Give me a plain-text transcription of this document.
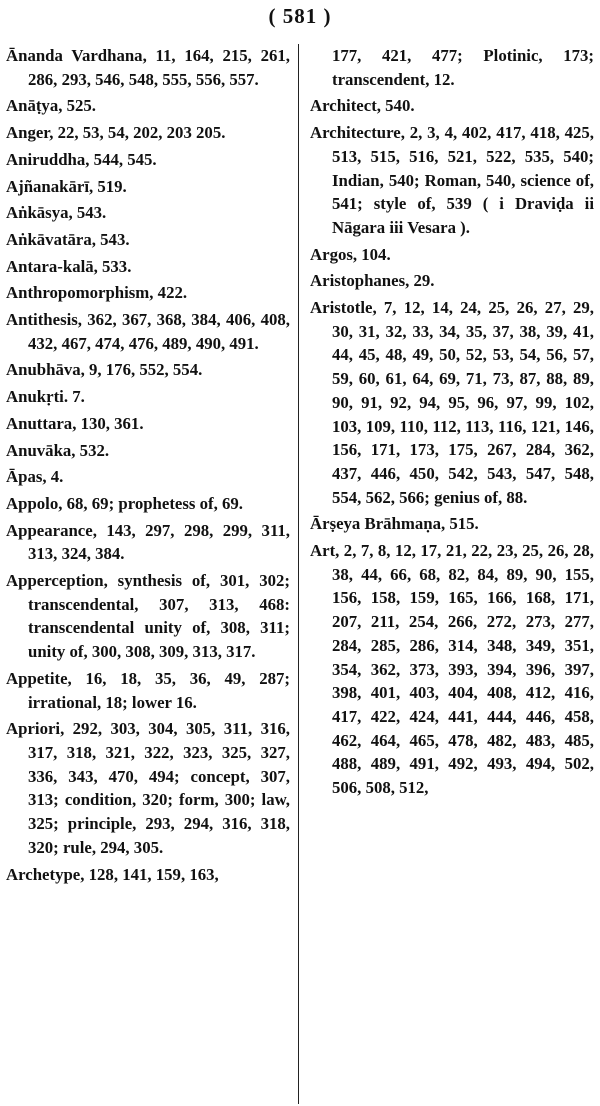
( 581 )

Ānanda Vardhana, 11, 164, 215, 261, 286, 293, 546, 548, 555, 556, 557.

Anāṭya, 525.

Anger, 22, 53, 54, 202, 203 205.

Aniruddha, 544, 545.

Ajñanakārī, 519.

Aṅkāsya, 543.

Aṅkāvatāra, 543.

Antara-kalā, 533.

Anthropomorphism, 422.

Antithesis, 362, 367, 368, 384, 406, 408, 432, 467, 474, 476, 489, 490, 491.

Anubhāva, 9, 176, 552, 554.

Anukṛti. 7.

Anuttara, 130, 361.

Anuvāka, 532.

Āpas, 4.

Appolo, 68, 69; prophetess of, 69.

Appearance, 143, 297, 298, 299, 311, 313, 324, 384.

Apperception, synthesis of, 301, 302; transcendental, 307, 313, 468: transcendental unity of, 308, 311; unity of, 300, 308, 309, 313, 317.

Appetite, 16, 18, 35, 36, 49, 287; irrational, 18; lower 16.

Apriori, 292, 303, 304, 305, 311, 316, 317, 318, 321, 322, 323, 325, 327, 336, 343, 470, 494; concept, 307, 313; condition, 320; form, 300; law, 325; principle, 293, 294, 316, 318, 320; rule, 294, 305.

Archetype, 128, 141, 159, 163,

177, 421, 477; Plotinic, 173; transcendent, 12.

Architect, 540.

Architecture, 2, 3, 4, 402, 417, 418, 425, 513, 515, 516, 521, 522, 535, 540; Indian, 540; Roman, 540, science of, 541; style of, 539 ( i Draviḍa ii Nāgara iii Vesara ).

Argos, 104.

Aristophanes, 29.

Aristotle, 7, 12, 14, 24, 25, 26, 27, 29, 30, 31, 32, 33, 34, 35, 37, 38, 39, 41, 44, 45, 48, 49, 50, 52, 53, 54, 56, 57, 59, 60, 61, 64, 69, 71, 73, 87, 88, 89, 90, 91, 92, 94, 95, 96, 97, 99, 102, 103, 109, 110, 112, 113, 116, 121, 146, 156, 171, 173, 175, 267, 284, 362, 437, 446, 450, 542, 543, 547, 548, 554, 562, 566; genius of, 88.

Ārṣeya Brāhmaṇa, 515.

Art, 2, 7, 8, 12, 17, 21, 22, 23, 25, 26, 28, 38, 44, 66, 68, 82, 84, 89, 90, 155, 156, 158, 159, 165, 166, 168, 171, 207, 211, 254, 266, 272, 273, 277, 284, 285, 286, 314, 348, 349, 351, 354, 362, 373, 393, 394, 396, 397, 398, 401, 403, 404, 408, 412, 416, 417, 422, 424, 441, 444, 446, 458, 462, 464, 465, 478, 482, 483, 485, 488, 489, 491, 492, 493, 494, 502, 506, 508, 512,
